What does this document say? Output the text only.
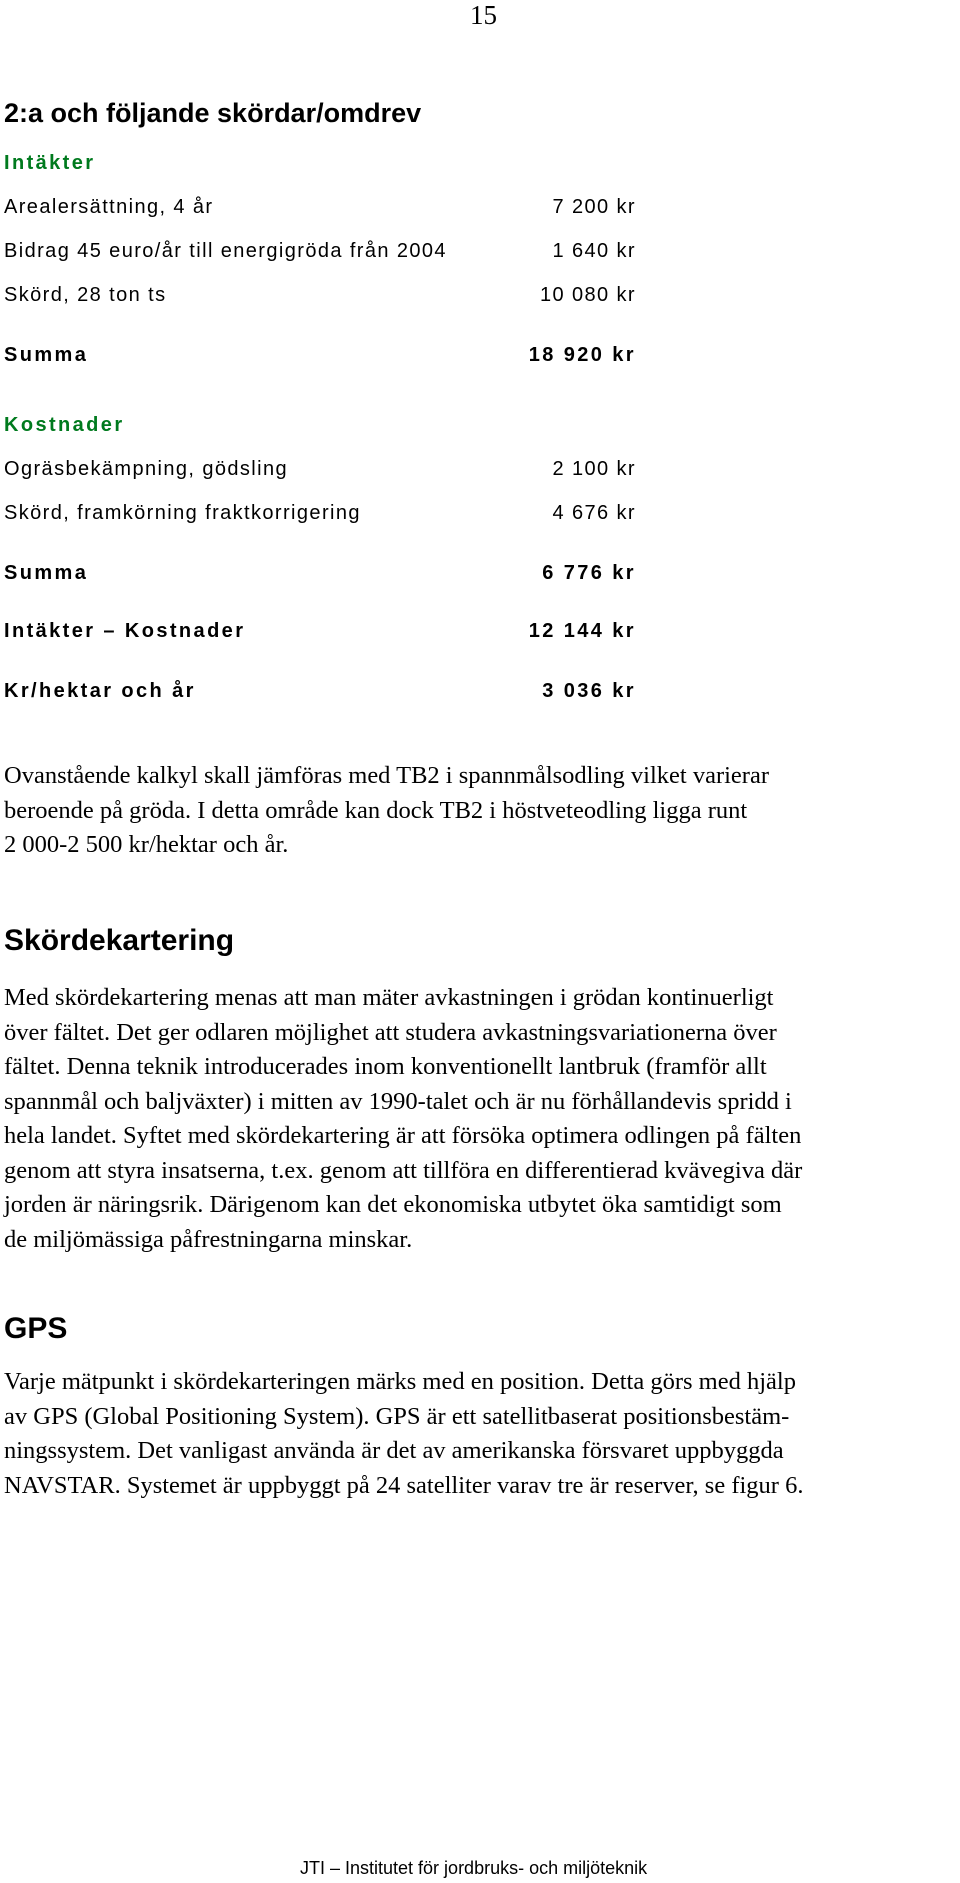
15
2:a och följande skördar/omdrev
Intäkter
Arealersättning, 4 år	7 200 kr
Bidrag 45 euro/år till energigröda från 2004	1 640 kr
Skörd, 28 ton ts	10 080 kr
Summa	18 920 kr
Kostnader
Ogräsbekämpning, gödsling	2 100 kr
Skörd, framkörning fraktkorrigering	4 676 kr
Summa	6 776 kr
Intäkter – Kostnader	12 144 kr
Kr/hektar och år	3 036 kr
Ovanstående kalkyl skall jämföras med TB2 i spannmålsodling vilket varierar
beroende på gröda. I detta område kan dock TB2 i höstveteodling ligga runt
2 000-2 500 kr/hektar och år.
Skördekartering
Med skördekartering menas att man mäter avkastningen i grödan kontinuerligt
över fältet. Det ger odlaren möjlighet att studera avkastningsvariationerna över
fältet. Denna teknik introducerades inom konventionellt lantbruk (framför allt
spannmål och baljväxter) i mitten av 1990-talet och är nu förhållandevis spridd i
hela landet. Syftet med skördekartering är att försöka optimera odlingen på fälten
genom att styra insatserna, t.ex. genom att tillföra en differentierad kvävegiva där
jorden är näringsrik. Därigenom kan det ekonomiska utbytet öka samtidigt som
de miljömässiga påfrestningarna minskar.
GPS
Varje mätpunkt i skördekarteringen märks med en position. Detta görs med hjälp
av GPS (Global Positioning System). GPS är ett satellitbaserat positionsbestäm-
ningssystem. Det vanligast använda är det av amerikanska försvaret uppbyggda
NAVSTAR. Systemet är uppbyggt på 24 satelliter varav tre är reserver, se figur 6.
JTI – Institutet för jordbruks- och miljöteknik
